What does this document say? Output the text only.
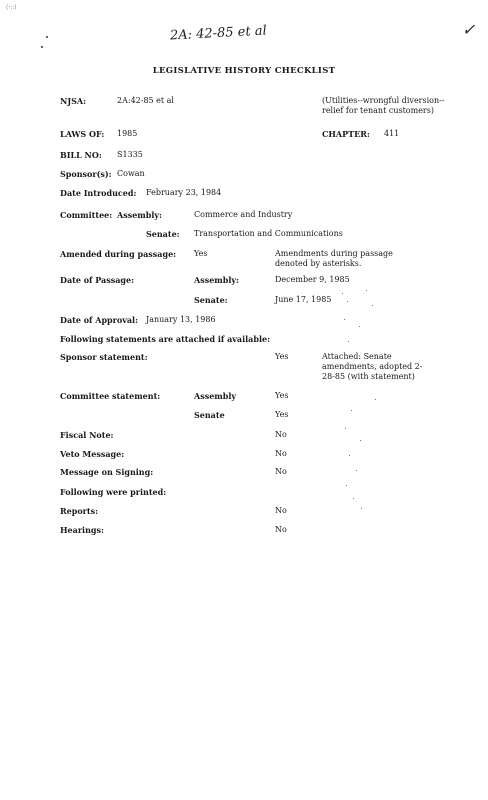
(·::)
2A: 42-85 et al	✓
LEGISLATIVE HISTORY CHECKLIST
NJSA:	2A:42-85 et al	(Utilities--wrongful diversion--relief for tenant customers)
LAWS OF: 1985	CHAPTER: 411
BILL NO: S1335
Sponsor(s): Cowan
Date Introduced: February 23, 1984
Committee: Assembly:	Commerce and Industry
Senate: Transportation and Communications
Amended during passage: Yes	Amendments during passage denoted by asterisks.
Date of Passage:	Assembly:	December 9, 1985
Senate:	June 17, 1985
Date of Approval: January 13, 1986
Following statements are attached if available:
Sponsor statement:	Yes	Attached: Senate amendments, adopted 2-28-85 (with statement)
Committee statement:	Assembly	Yes
Senate	Yes
Fiscal Note:	No
Veto Message:	No
Message on Signing:	No
Following were printed:
Reports:	No
Hearings:	No
